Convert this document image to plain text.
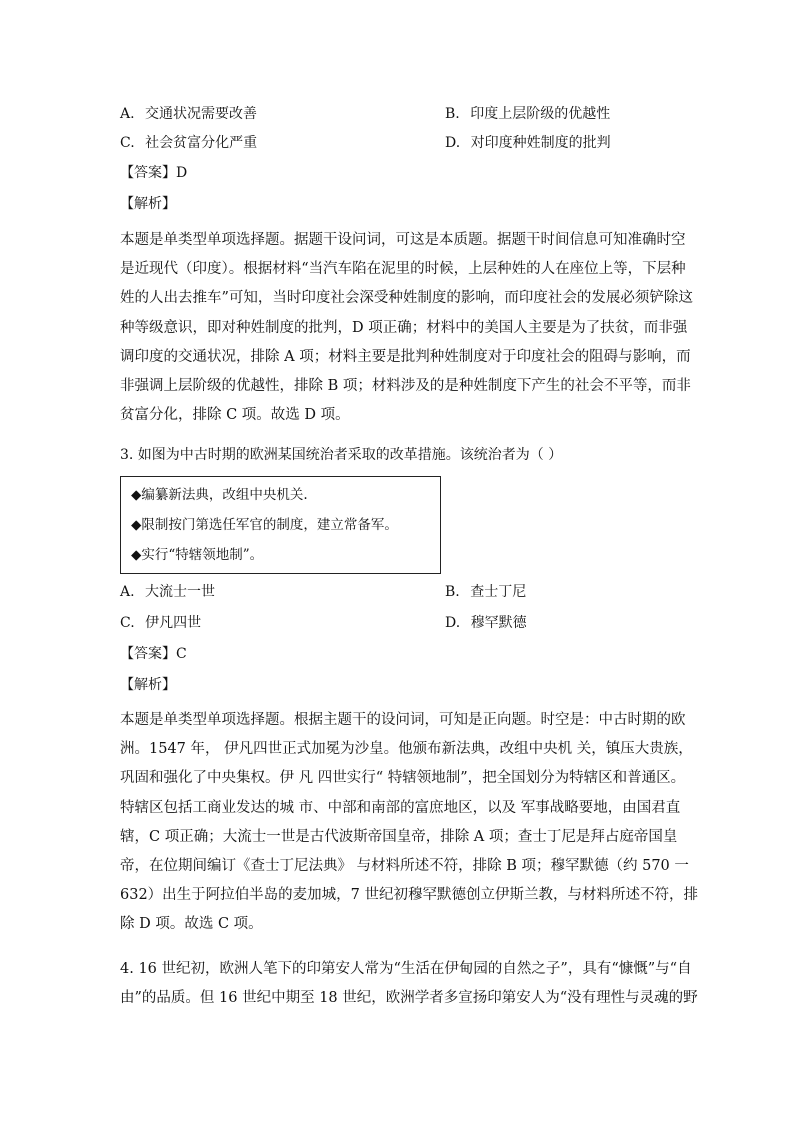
A. 交通状况需要改善	B. 印度上层阶级的优越性
C. 社会贫富分化严重	D. 对印度种姓制度的批判
【答案】D
【解析】

本题是单类型单项选择题。据题干设问词，可这是本质题。据题干时间信息可知准确时空

是近现代（印度）。根据材料“当汽车陷在泥里的时候，上层种姓的人在座位上等，下层种

姓的人出去推车”可知，当时印度社会深受种姓制度的影响，而印度社会的发展必须铲除这

种等级意识，即对种姓制度的批判，D 项正确；材料中的美国人主要是为了扶贫，而非强

调印度的交通状况，排除 A 项；材料主要是批判种姓制度对于印度社会的阻碍与影响，而

非强调上层阶级的优越性，排除 B 项；材料涉及的是种姓制度下产生的社会不平等，而非

贫富分化，排除 C 项。故选 D 项。

3. 如图为中古时期的欧洲某国统治者采取的改革措施。该统治者为（ ）
◆编纂新法典，改组中央机关.
◆限制按门第选任军官的制度，建立常备军。
◆实行“特辖领地制”。
A. 大流士一世	B. 查士丁尼
C. 伊凡四世	D. 穆罕默德
【答案】C
【解析】

本题是单类型单项选择题。根据主题干的设问词，可知是正向题。时空是：中古时期的欧

洲。1547 年， 伊凡四世正式加冕为沙皇。他颁布新法典，改组中央机 关，镇压大贵族，

巩固和强化了中央集权。伊 凡 四世实行“ 特辖领地制”，把全国划分为特辖区和普通区。

特辖区包括工商业发达的城 市、中部和南部的富庶地区，以及 军事战略要地，由国君直

辖，C 项正确；大流士一世是古代波斯帝国皇帝，排除 A 项；查士丁尼是拜占庭帝国皇

帝，在位期间编订《查士丁尼法典》 与材料所述不符，排除 B 项；穆罕默德（约 570 一

632）出生于阿拉伯半岛的麦加城，7 世纪初穆罕默德创立伊斯兰教，与材料所述不符，排

除 D 项。故选 C 项。

4. 16 世纪初，欧洲人笔下的印第安人常为“生活在伊甸园的自然之子”，具有“慷慨”与“自

由”的品质。但 16 世纪中期至 18 世纪，欧洲学者多宣扬印第安人为“没有理性与灵魂的野
